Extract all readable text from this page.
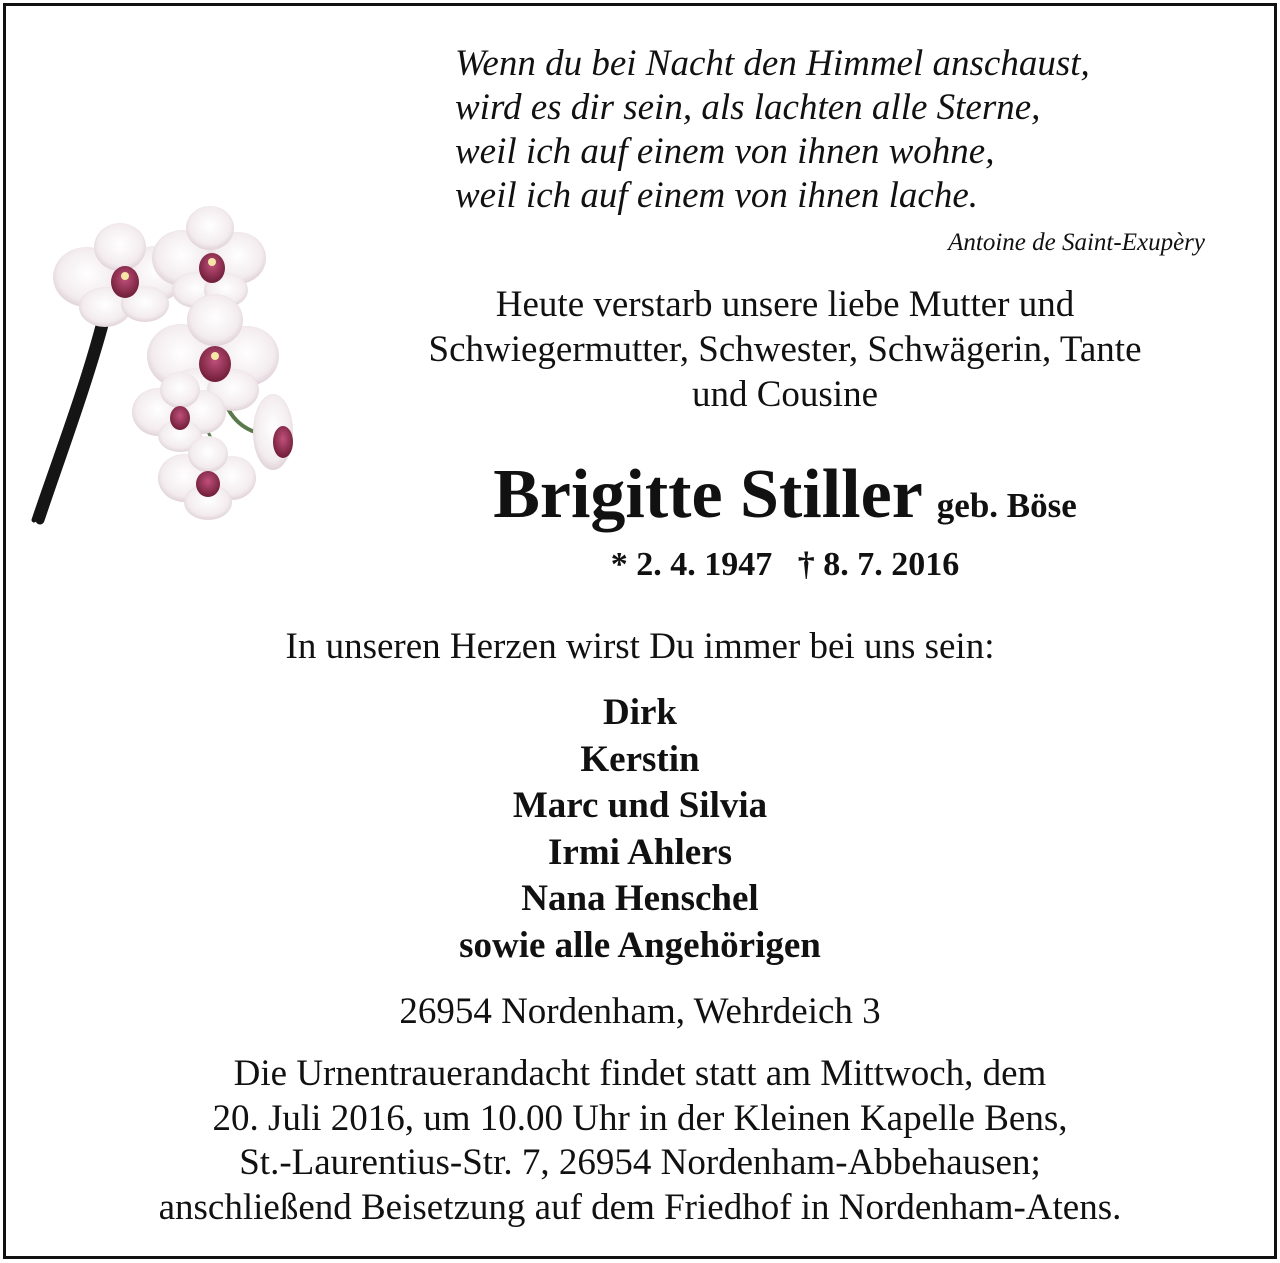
Wenn du bei Nacht den Himmel anschaust,
wird es dir sein, als lachten alle Sterne,
weil ich auf einem von ihnen wohne,
weil ich auf einem von ihnen lache.
Antoine de Saint-Exupèry
Heute verstarb unsere liebe Mutter und
Schwiegermutter, Schwester, Schwägerin, Tante
und Cousine
Brigitte Stiller geb. Böse
* 2. 4. 1947   † 8. 7. 2016
In unseren Herzen wirst Du immer bei uns sein:
Dirk
Kerstin
Marc und Silvia
Irmi Ahlers
Nana Henschel
sowie alle Angehörigen
26954 Nordenham, Wehrdeich 3
Die Urnentrauerandacht findet statt am Mittwoch, dem
20. Juli 2016, um 10.00 Uhr in der Kleinen Kapelle Bens,
St.-Laurentius-Str. 7, 26954 Nordenham-Abbehausen;
anschließend Beisetzung auf dem Friedhof in Nordenham-Atens.
